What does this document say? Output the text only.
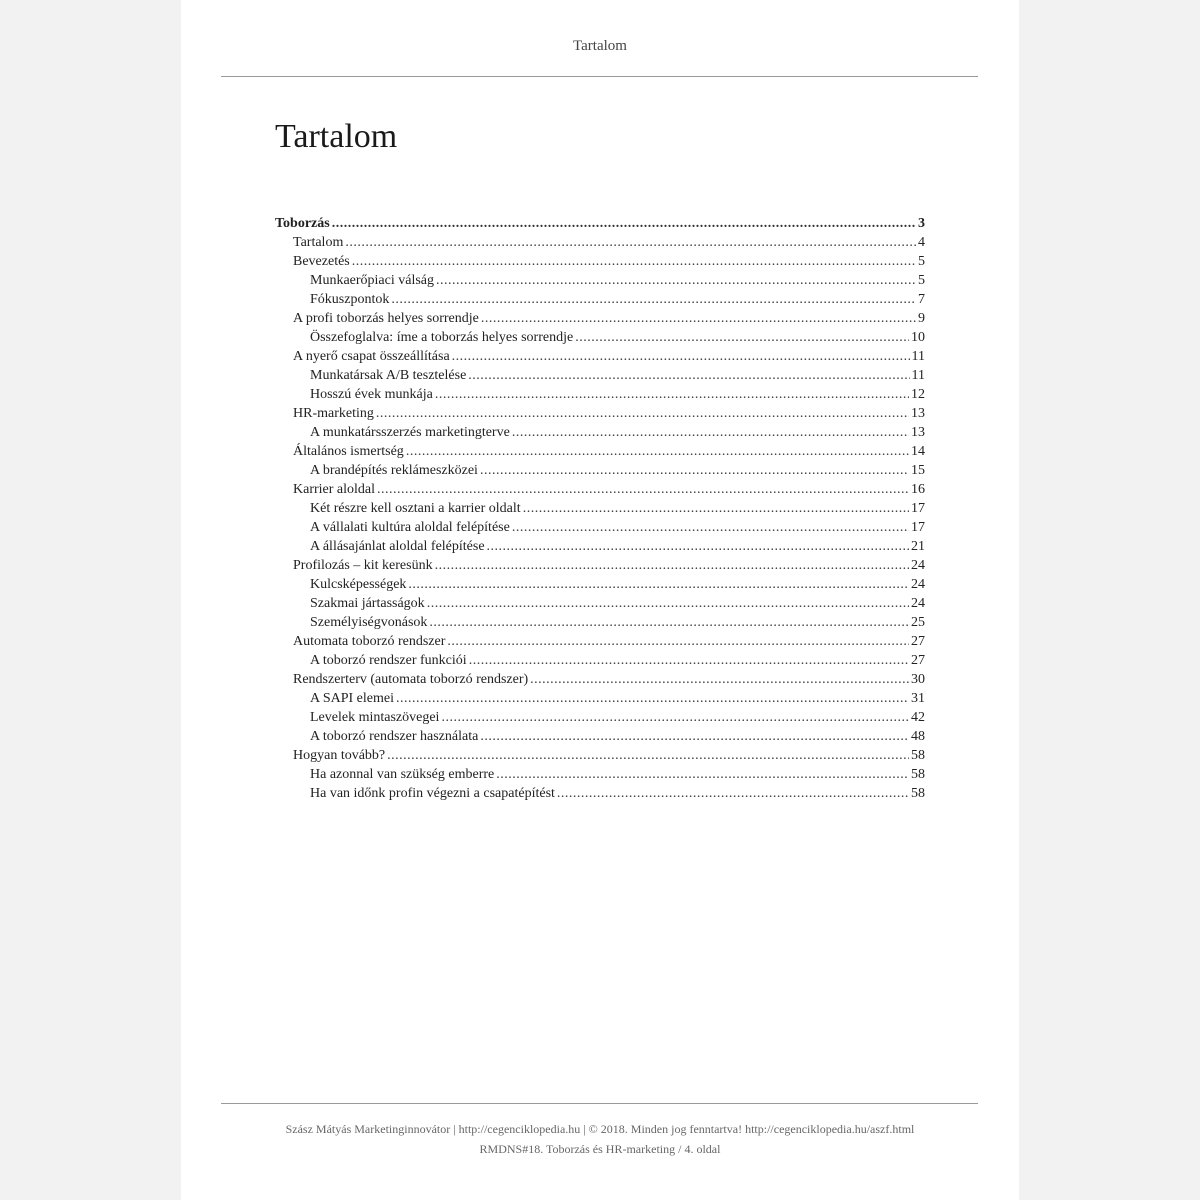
Tartalom
Tartalom
Toborzás .....	3
Tartalom .....	4
Bevezetés .....	5
Munkaerőpiaci válság .....	5
Fókuszpontok .....	7
A profi toborzás helyes sorrendje .....	9
Összefoglalva: íme a toborzás helyes sorrendje .....	10
A nyerő csapat összeállítása .....	11
Munkatársak A/B tesztelése .....	11
Hosszú évek munkája .....	12
HR-marketing .....	13
A munkatársszerzés marketingterve .....	13
Általános ismertség .....	14
A brandépítés reklámeszközei .....	15
Karrier aloldal .....	16
Két részre kell osztani a karrier oldalt .....	17
A vállalati kultúra aloldal felépítése .....	17
A állásajánlat aloldal felépítése .....	21
Profilozás – kit keresünk .....	24
Kulcsképességek .....	24
Szakmai jártasságok .....	24
Személyiségvonások .....	25
Automata toborzó rendszer .....	27
A toborzó rendszer funkciói .....	27
Rendszerterv (automata toborzó rendszer) .....	30
A SAPI elemei .....	31
Levelek mintaszövegei .....	42
A toborzó rendszer használata .....	48
Hogyan tovább? .....	58
Ha azonnal van szükség emberre .....	58
Ha van időnk profin végezni a csapatépítést .....	58
Szász Mátyás Marketinginnovátor | http://cegenciklopedia.hu | © 2018. Minden jog fenntartva! http://cegenciklopedia.hu/aszf.html
RMDNS#18. Toborzás és HR-marketing / 4. oldal
